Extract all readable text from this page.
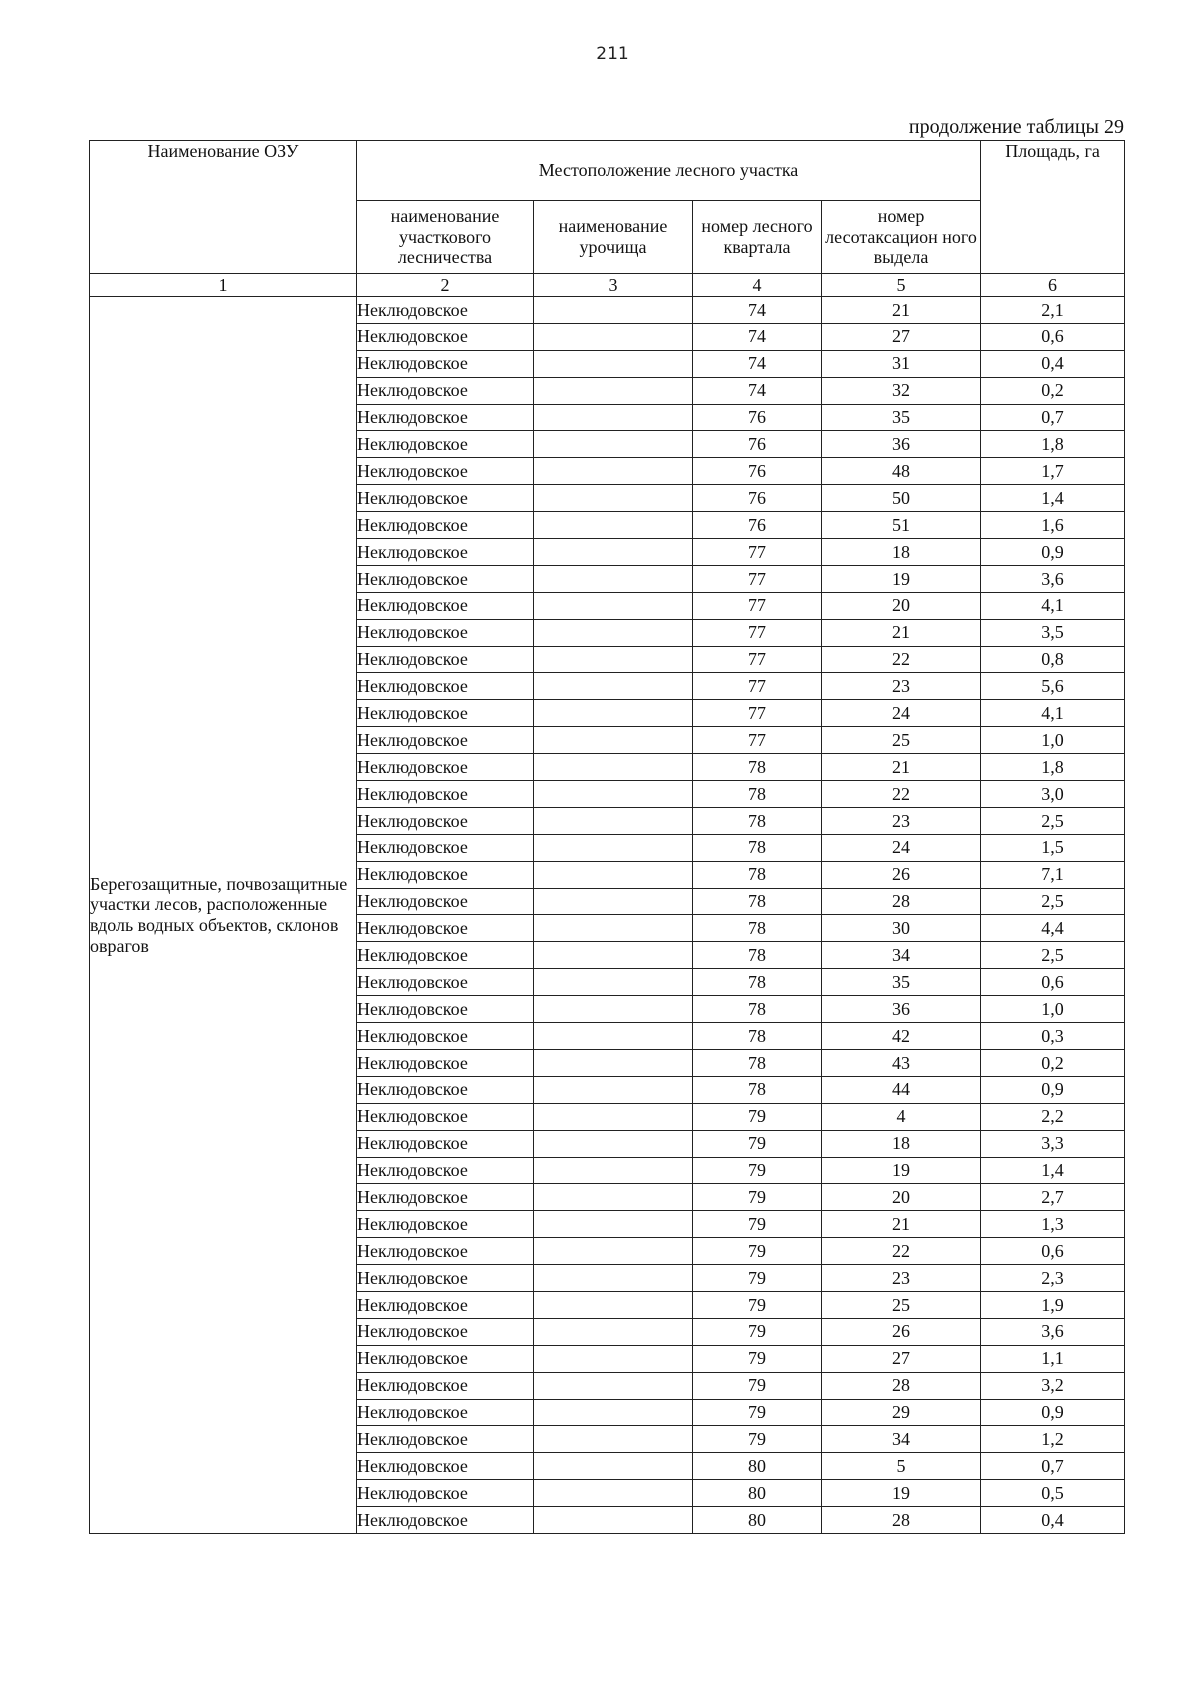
211
продолжение таблицы 29
Наименование ОЗУ	Местоположение лесного участка				Площадь, га
	наименование участкового лесничества	наименование урочища	номер лесного квартала	номер лесотаксацион ного выдела	
1	2	3	4	5	6
Берегозащитные, почвозащитные участки лесов, расположенные вдоль водных объектов, склонов оврагов	Неклюдовское		74	21	2,1
	Неклюдовское		74	27	0,6
	Неклюдовское		74	31	0,4
	Неклюдовское		74	32	0,2
	Неклюдовское		76	35	0,7
	Неклюдовское		76	36	1,8
	Неклюдовское		76	48	1,7
	Неклюдовское		76	50	1,4
	Неклюдовское		76	51	1,6
	Неклюдовское		77	18	0,9
	Неклюдовское		77	19	3,6
	Неклюдовское		77	20	4,1
	Неклюдовское		77	21	3,5
	Неклюдовское		77	22	0,8
	Неклюдовское		77	23	5,6
	Неклюдовское		77	24	4,1
	Неклюдовское		77	25	1,0
	Неклюдовское		78	21	1,8
	Неклюдовское		78	22	3,0
	Неклюдовское		78	23	2,5
	Неклюдовское		78	24	1,5
	Неклюдовское		78	26	7,1
	Неклюдовское		78	28	2,5
	Неклюдовское		78	30	4,4
	Неклюдовское		78	34	2,5
	Неклюдовское		78	35	0,6
	Неклюдовское		78	36	1,0
	Неклюдовское		78	42	0,3
	Неклюдовское		78	43	0,2
	Неклюдовское		78	44	0,9
	Неклюдовское		79	4	2,2
	Неклюдовское		79	18	3,3
	Неклюдовское		79	19	1,4
	Неклюдовское		79	20	2,7
	Неклюдовское		79	21	1,3
	Неклюдовское		79	22	0,6
	Неклюдовское		79	23	2,3
	Неклюдовское		79	25	1,9
	Неклюдовское		79	26	3,6
	Неклюдовское		79	27	1,1
	Неклюдовское		79	28	3,2
	Неклюдовское		79	29	0,9
	Неклюдовское		79	34	1,2
	Неклюдовское		80	5	0,7
	Неклюдовское		80	19	0,5
	Неклюдовское		80	28	0,4
